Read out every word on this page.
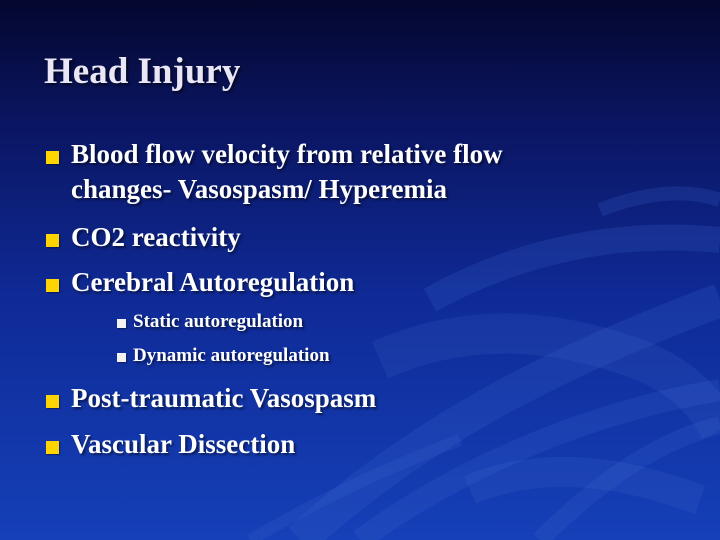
Head Injury
Blood flow velocity from relative flow
changes- Vasospasm/ Hyperemia
CO2 reactivity
Cerebral Autoregulation
Static autoregulation
Dynamic autoregulation
Post-traumatic Vasospasm
Vascular Dissection
